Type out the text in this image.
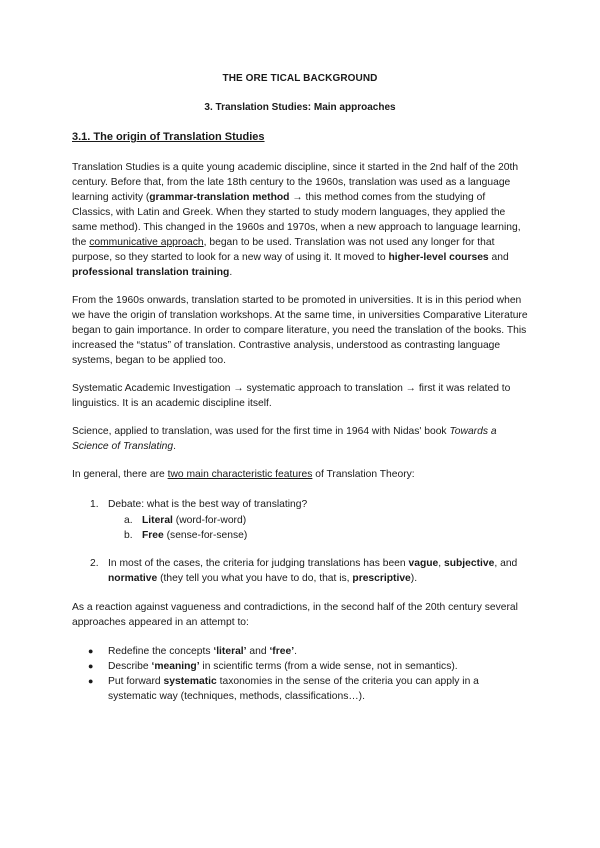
THE ORE TICAL BACKGROUND
3. Translation Studies: Main approaches
3.1. The origin of Translation Studies

Translation Studies is a quite young academic discipline, since it started in the 2nd half of the 20th century. Before that, from the late 18th century to the 1960s, translation was used as a language learning activity (grammar-translation method → this method comes from the studying of Classics, with Latin and Greek. When they started to study modern languages, they applied the same method). This changed in the 1960s and 1970s, when a new approach to language learning, the communicative approach, began to be used. Translation was not used any longer for that purpose, so they started to look for a new way of using it. It moved to higher-level courses and professional translation training.

From the 1960s onwards, translation started to be promoted in universities. It is in this period when we have the origin of translation workshops. At the same time, in universities Comparative Literature began to gain importance. In order to compare literature, you need the translation of the books. This increased the “status” of translation. Contrastive analysis, understood as contrasting language systems, began to be applied too.

Systematic Academic Investigation → systematic approach to translation → first it was related to linguistics. It is an academic discipline itself.

Science, applied to translation, was used for the first time in 1964 with Nidas' book Towards a Science of Translating.

In general, there are two main characteristic features of Translation Theory:

1. Debate: what is the best way of translating?
a. Literal (word-for-word)
b. Free (sense-for-sense)
2. In most of the cases, the criteria for judging translations has been vague, subjective, and normative (they tell you what you have to do, that is, prescriptive).

As a reaction against vagueness and contradictions, in the second half of the 20th century several approaches appeared in an attempt to:

● Redefine the concepts ‘literal’ and ‘free’.
● Describe ‘meaning’ in scientific terms (from a wide sense, not in semantics).
● Put forward systematic taxonomies in the sense of the criteria you can apply in a systematic way (techniques, methods, classifications…).
